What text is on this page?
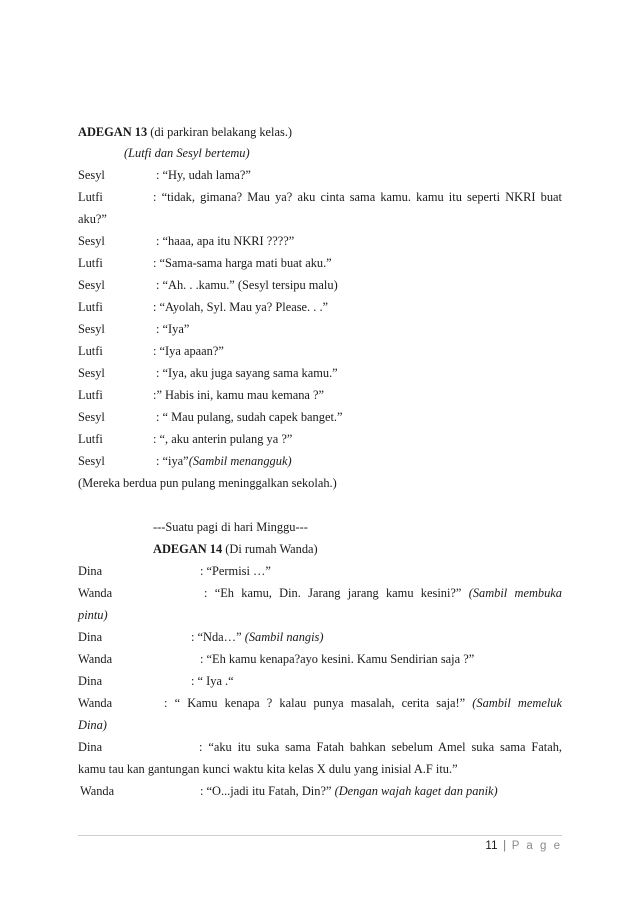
ADEGAN 13 (di parkiran belakang kelas.)
(Lutfi dan Sesyl bertemu)
Sesyl	: “Hy, udah lama?”
Lutfi	: “tidak, gimana? Mau ya? aku cinta sama kamu. kamu itu seperti NKRI buat
aku?”
Sesyl	: “haaa, apa itu NKRI ????”
Lutfi	: “Sama-sama harga mati buat aku.”
Sesyl	: “Ah. . .kamu.” (Sesyl tersipu malu)
Lutfi	: “Ayolah, Syl. Mau ya? Please. . .”
Sesyl	: “Iya”
Lutfi	: “Iya apaan?”
Sesyl	: “Iya, aku juga sayang sama kamu.”
Lutfi	:” Habis ini, kamu mau kemana ?”
Sesyl	: “ Mau pulang, sudah capek banget.”
Lutfi	: “, aku anterin pulang ya ?”
Sesyl	: “iya”(Sambil menangguk)
(Mereka berdua pun pulang meninggalkan sekolah.)
---Suatu pagi di hari Minggu---
ADEGAN 14 (Di rumah Wanda)
Dina	: “Permisi …”
Wanda	: “Eh kamu, Din. Jarang jarang kamu kesini?” (Sambil membuka
pintu)
Dina	: “Nda…” (Sambil nangis)
Wanda	: “Eh kamu kenapa?ayo kesini. Kamu Sendirian saja ?”
Dina	: “ Iya .“
Wanda	: “ Kamu kenapa ? kalau punya masalah, cerita saja!” (Sambil memeluk
Dina)
Dina	: “aku itu suka sama Fatah bahkan sebelum Amel suka sama Fatah,
kamu tau kan gantungan kunci waktu kita kelas X dulu yang inisial A.F itu.”
Wanda	: “O...jadi itu Fatah, Din?” (Dengan wajah kaget dan panik)
11 | P a g e
